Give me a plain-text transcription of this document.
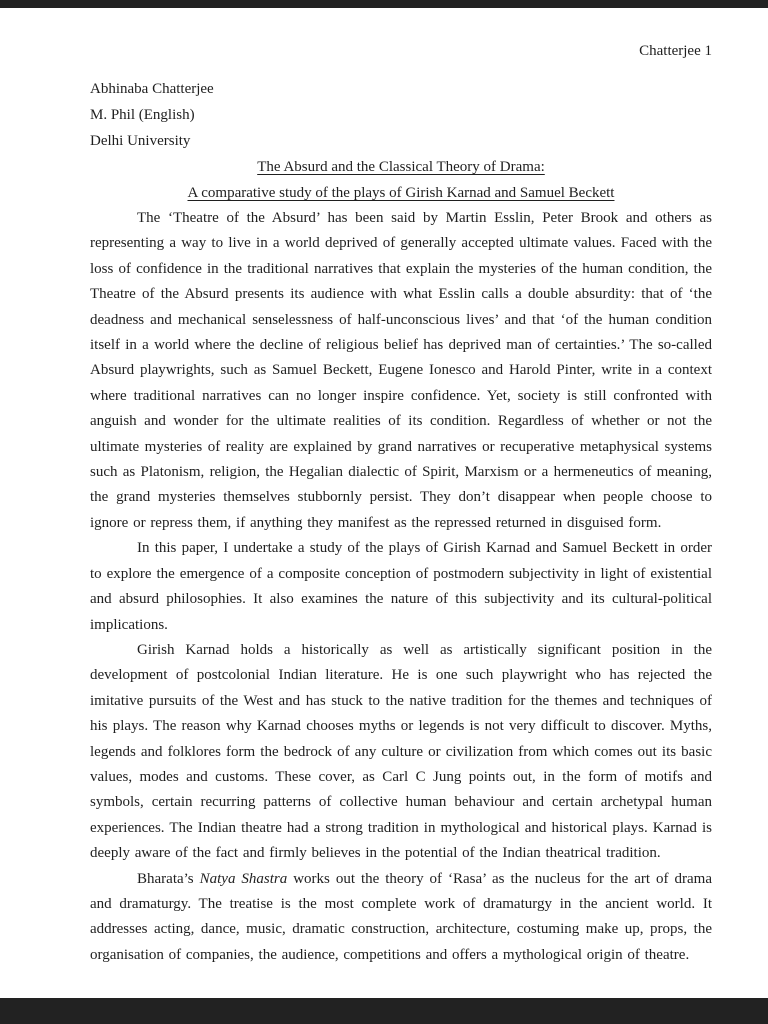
Chatterjee 1
Abhinaba Chatterjee
M. Phil (English)
Delhi University
The Absurd and the Classical Theory of Drama:
A comparative study of the plays of Girish Karnad and Samuel Beckett

The ‘Theatre of the Absurd’ has been said by Martin Esslin, Peter Brook and others as representing a way to live in a world deprived of generally accepted ultimate values. Faced with the loss of confidence in the traditional narratives that explain the mysteries of the human condition, the Theatre of the Absurd presents its audience with what Esslin calls a double absurdity: that of ‘the deadness and mechanical senselessness of half-unconscious lives’ and that ‘of the human condition itself in a world where the decline of religious belief has deprived man of certainties.’ The so-called Absurd playwrights, such as Samuel Beckett, Eugene Ionesco and Harold Pinter, write in a context where traditional narratives can no longer inspire confidence. Yet, society is still confronted with anguish and wonder for the ultimate realities of its condition. Regardless of whether or not the ultimate mysteries of reality are explained by grand narratives or recuperative metaphysical systems such as Platonism, religion, the Hegalian dialectic of Spirit, Marxism or a hermeneutics of meaning, the grand mysteries themselves stubbornly persist. They don’t disappear when people choose to ignore or repress them, if anything they manifest as the repressed returned in disguised form.

In this paper, I undertake a study of the plays of Girish Karnad and Samuel Beckett in order to explore the emergence of a composite conception of postmodern subjectivity in light of existential and absurd philosophies. It also examines the nature of this subjectivity and its cultural-political implications.

Girish Karnad holds a historically as well as artistically significant position in the development of postcolonial Indian literature. He is one such playwright who has rejected the imitative pursuits of the West and has stuck to the native tradition for the themes and techniques of his plays. The reason why Karnad chooses myths or legends is not very difficult to discover. Myths, legends and folklores form the bedrock of any culture or civilization from which comes out its basic values, modes and customs. These cover, as Carl C Jung points out, in the form of motifs and symbols, certain recurring patterns of collective human behaviour and certain archetypal human experiences. The Indian theatre had a strong tradition in mythological and historical plays. Karnad is deeply aware of the fact and firmly believes in the potential of the Indian theatrical tradition.

Bharata’s Natya Shastra works out the theory of ‘Rasa’ as the nucleus for the art of drama and dramaturgy. The treatise is the most complete work of dramaturgy in the ancient world. It addresses acting, dance, music, dramatic construction, architecture, costuming make up, props, the organisation of companies, the audience, competitions and offers a mythological origin of theatre.
